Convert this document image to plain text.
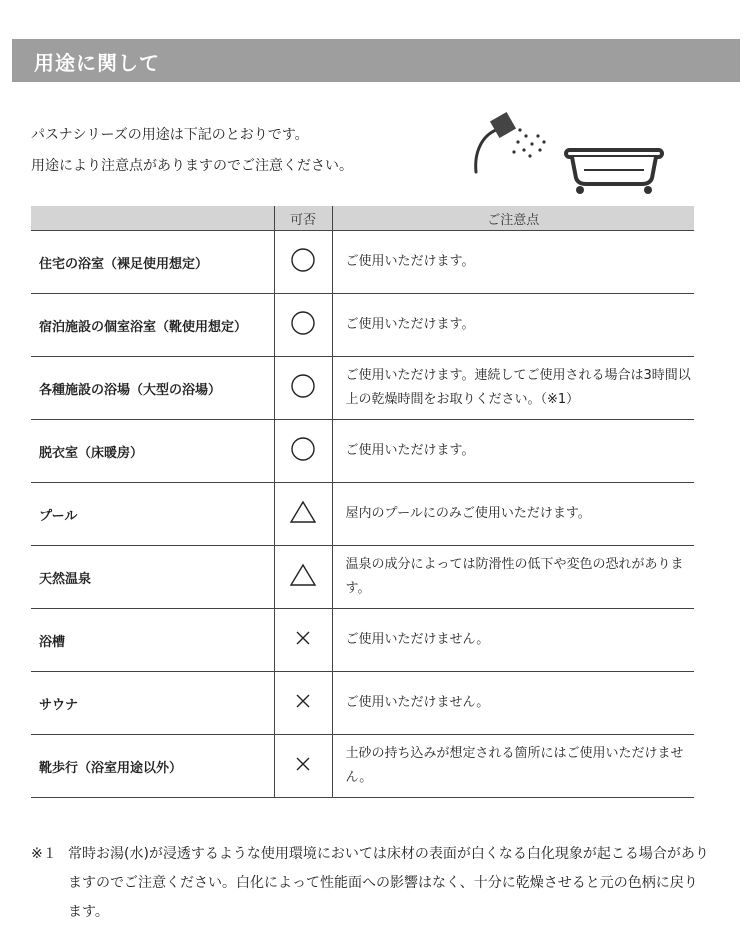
用途に関して
パスナシリーズの用途は下記のとおりです。
用途により注意点がありますのでご注意ください。
	可否	ご注意点
住宅の浴室（裸足使用想定）		ご使用いただけます。
宿泊施設の個室浴室（靴使用想定）		ご使用いただけます。
各種施設の浴場（大型の浴場）		ご使用いただけます。連続してご使用される場合は3時間以上の乾燥時間をお取りください。（※1）
脱衣室（床暖房）		ご使用いただけます。
プール		屋内のプールにのみご使用いただけます。
天然温泉		温泉の成分によっては防滑性の低下や変色の恐れがあります。
浴槽		ご使用いただけません。
サウナ		ご使用いただけません。
靴歩行（浴室用途以外）		土砂の持ち込みが想定される箇所にはご使用いただけません。
※１ 常時お湯(水)が浸透するような使用環境においては床材の表面が白くなる白化現象が起こる場合がありますのでご注意ください。白化によって性能面への影響はなく、十分に乾燥させると元の色柄に戻ります。
